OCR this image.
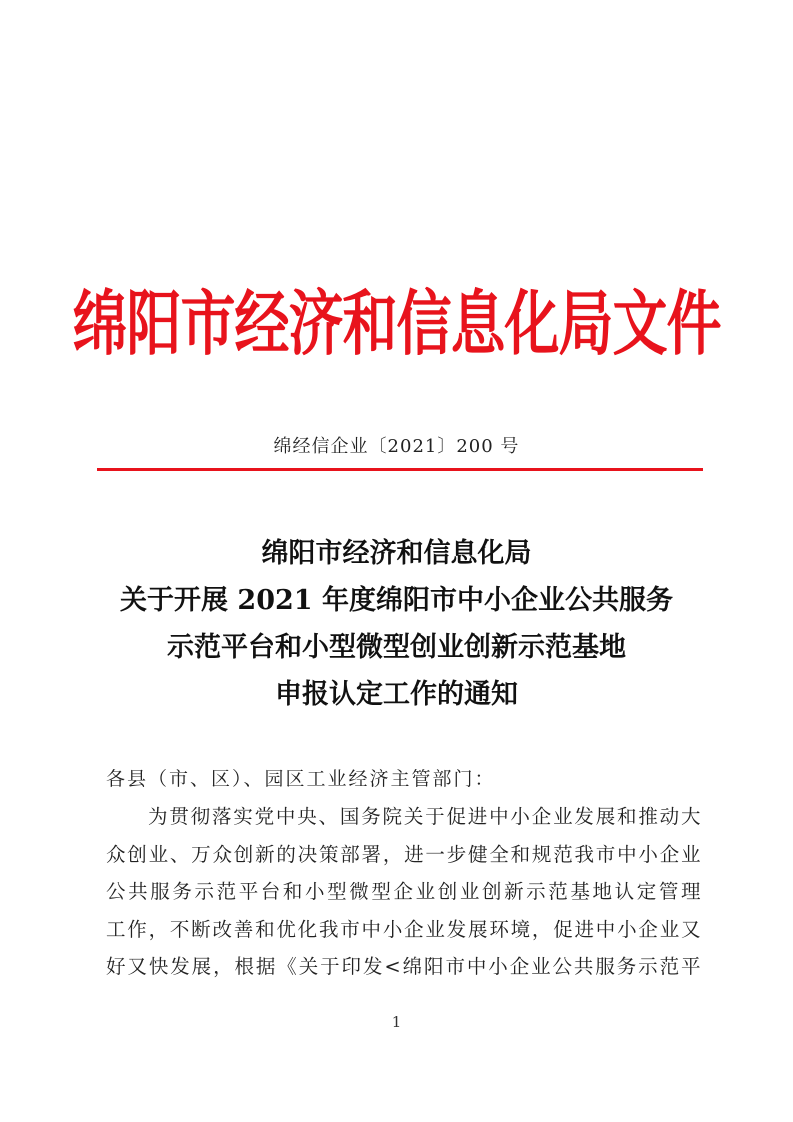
绵阳市经济和信息化局文件
绵经信企业〔2021〕200 号
绵阳市经济和信息化局
关于开展 2021 年度绵阳市中小企业公共服务
示范平台和小型微型创业创新示范基地
申报认定工作的通知
各县（市、区）、园区工业经济主管部门：
为贯彻落实党中央、国务院关于促进中小企业发展和推动大
众创业、万众创新的决策部署，进一步健全和规范我市中小企业
公共服务示范平台和小型微型企业创业创新示范基地认定管理
工作，不断改善和优化我市中小企业发展环境，促进中小企业又
好又快发展，根据《关于印发<绵阳市中小企业公共服务示范平
1
